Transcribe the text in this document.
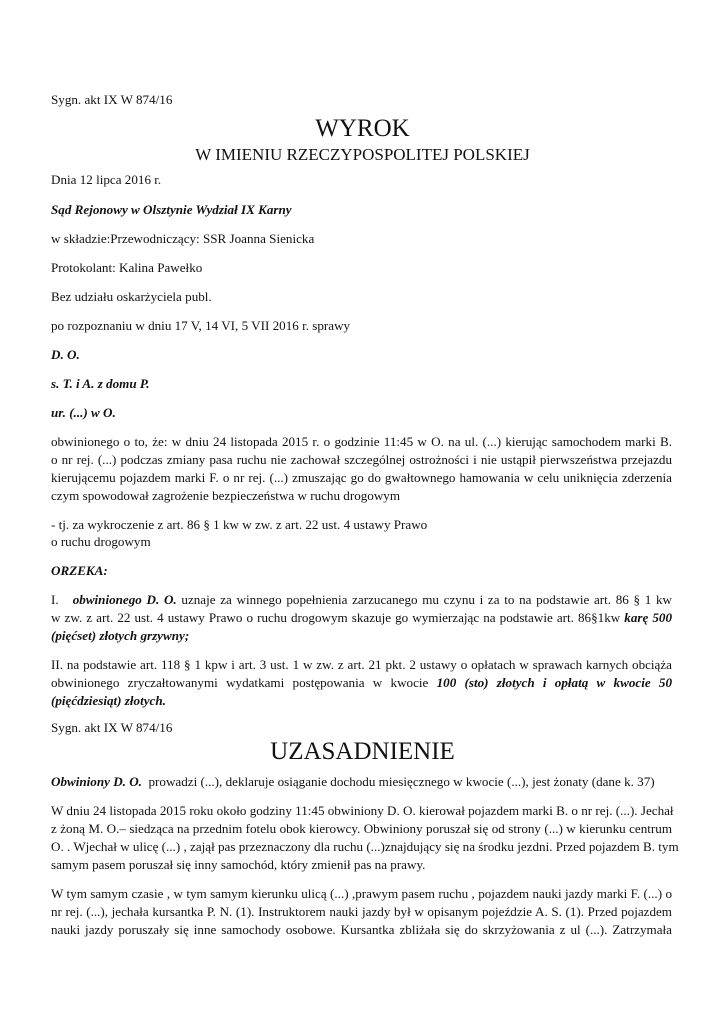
Sygn. akt IX W 874/16
WYROK
W IMIENIU RZECZYPOSPOLITEJ POLSKIEJ
Dnia 12 lipca 2016 r.
Sąd Rejonowy w Olsztynie Wydział IX Karny
w składzie:Przewodniczący: SSR Joanna Sienicka
Protokolant: Kalina Pawełko
Bez udziału oskarżyciela publ.
po rozpoznaniu w dniu 17 V, 14 VI, 5 VII 2016 r. sprawy
D. O.
s. T. i A. z domu P.
ur. (...) w O.
obwinionego o to, że: w dniu 24 listopada 2015 r. o godzinie 11:45 w O. na ul. (...) kierując samochodem marki B.
o nr rej. (...) podczas zmiany pasa ruchu nie zachował szczególnej ostrożności i nie ustąpił pierwszeństwa przejazdu
kierującemu pojazdem marki F. o nr rej. (...) zmuszając go do gwałtownego hamowania w celu uniknięcia zderzenia
czym spowodował zagrożenie bezpieczeństwa w ruchu drogowym
- tj. za wykroczenie z art. 86 § 1 kw w zw. z art. 22 ust. 4 ustawy Prawo
o ruchu drogowym
ORZEKA:
I. obwinionego D. O. uznaje za winnego popełnienia zarzucanego mu czynu i za to na podstawie art. 86 § 1 kw
w zw. z art. 22 ust. 4 ustawy Prawo o ruchu drogowym skazuje go wymierzając na podstawie art. 86§1kw karę 500
(pięćset) złotych grzywny;
II. na podstawie art. 118 § 1 kpw i art. 3 ust. 1 w zw. z art. 21 pkt. 2 ustawy o opłatach w sprawach karnych obciąża
obwinionego zryczałtowanymi wydatkami postępowania w kwocie 100 (sto) złotych i opłatą w kwocie 50
(pięćdziesiąt) złotych.
Sygn. akt IX W 874/16
UZASADNIENIE
Obwiniony D. O. prowadzi (...), deklaruje osiąganie dochodu miesięcznego w kwocie (...), jest żonaty (dane k. 37)
W dniu 24 listopada 2015 roku około godziny 11:45 obwiniony D. O. kierował pojazdem marki B. o nr rej. (...). Jechał
z żoną M. O.– siedząca na przednim fotelu obok kierowcy. Obwiniony poruszał się od strony (...) w kierunku centrum
O. . Wjechał w ulicę (...) , zajął pas przeznaczony dla ruchu (...)znajdujący się na środku jezdni. Przed pojazdem B. tym
samym pasem poruszał się inny samochód, który zmienił pas na prawy.
W tym samym czasie , w tym samym kierunku ulicą (...) ,prawym pasem ruchu , pojazdem nauki jazdy marki F. (...) o
nr rej. (...), jechała kursantka P. N. (1). Instruktorem nauki jazdy był w opisanym pojeździe A. S. (1). Przed pojazdem
nauki jazdy poruszały się inne samochody osobowe. Kursantka zbliżała się do skrzyżowania z ul (...). Zatrzymała
